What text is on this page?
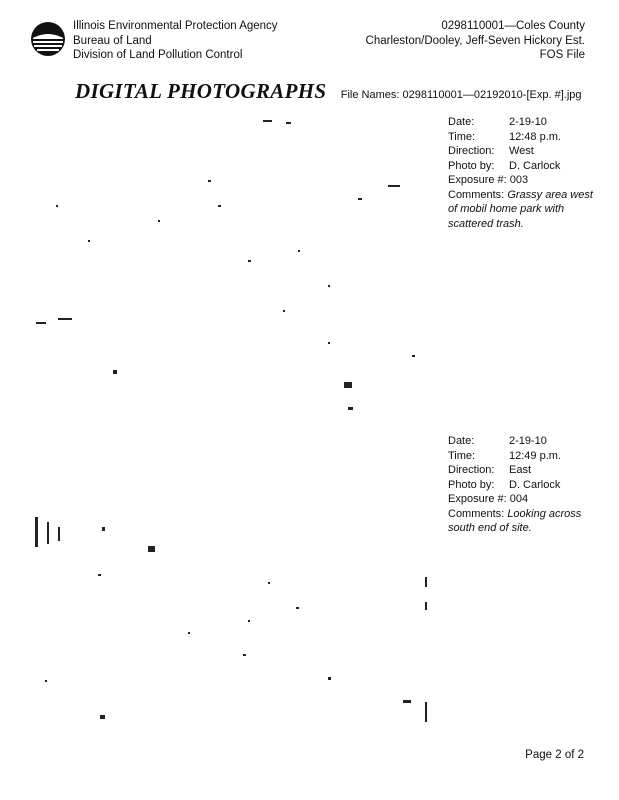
Illinois Environmental Protection Agency
Bureau of Land
Division of Land Pollution Control
0298110001—Coles County
Charleston/Dooley, Jeff-Seven Hickory Est.
FOS File
DIGITAL PHOTOGRAPHS File Names: 0298110001—02192010-[Exp. #].jpg
Date:	2-19-10
Time:	12:48 p.m.
Direction:	West
Photo by:	D. Carlock
Exposure #: 003
Comments: Grassy area west of mobil home park with scattered trash.
Date:	2-19-10
Time:	12:49 p.m.
Direction:	East
Photo by:	D. Carlock
Exposure #: 004
Comments: Looking across south end of site.
Page 2 of 2
